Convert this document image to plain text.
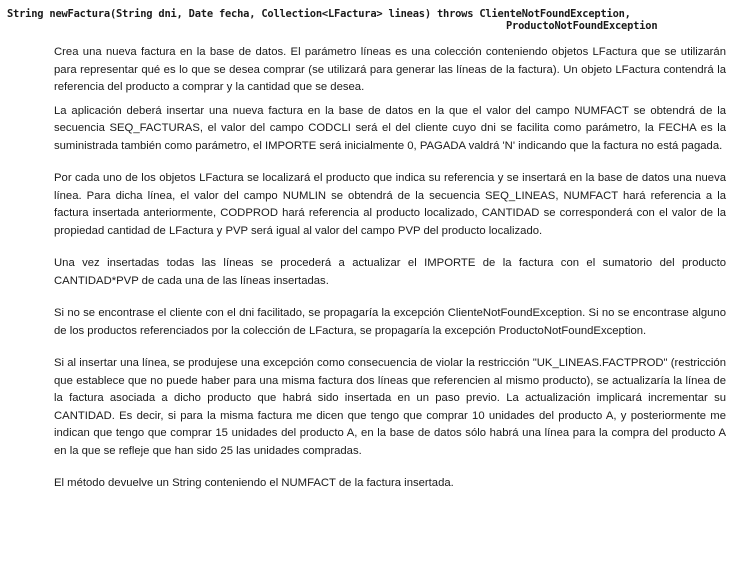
String newFactura(String dni, Date fecha, Collection<LFactura> lineas) throws ClienteNotFoundException,

ProductoNotFoundException

Crea una nueva factura en la base de datos. El parámetro líneas es una colección conteniendo objetos LFactura que se utilizarán para representar qué es lo que se desea comprar (se utilizará para generar las líneas de la factura). Un objeto LFactura contendrá la referencia del producto a comprar y la cantidad que se desea.

La aplicación deberá insertar una nueva factura en la base de datos en la que el valor del campo NUMFACT se obtendrá de la secuencia SEQ_FACTURAS, el valor del campo CODCLI será el del cliente cuyo dni se facilita como parámetro, la FECHA es la suministrada también como parámetro, el IMPORTE será inicialmente 0, PAGADA valdrá 'N' indicando que la factura no está pagada.

Por cada uno de los objetos LFactura se localizará el producto que indica su referencia y se insertará en la base de datos una nueva línea. Para dicha línea, el valor del campo NUMLIN se obtendrá de la secuencia SEQ_LINEAS, NUMFACT hará referencia a la factura insertada anteriormente, CODPROD hará referencia al producto localizado, CANTIDAD se corresponderá con el valor de la propiedad cantidad de LFactura y PVP será igual al valor del campo PVP del producto localizado.

Una vez insertadas todas las líneas se procederá a actualizar el IMPORTE de la factura con el sumatorio del producto CANTIDAD*PVP de cada una de las líneas insertadas.

Si no se encontrase el cliente con el dni facilitado, se propagaría la excepción ClienteNotFoundException. Si no se encontrase alguno de los productos referenciados por la colección de LFactura, se propagaría la excepción ProductoNotFoundException.

Si al insertar una línea, se produjese una excepción como consecuencia de violar la restricción "UK_LINEAS.FACTPROD" (restricción que establece que no puede haber para una misma factura dos líneas que referencien al mismo producto), se actualizaría la línea de la factura asociada a dicho producto que habrá sido insertada en un paso previo. La actualización implicará incrementar su CANTIDAD. Es decir, si para la misma factura me dicen que tengo que comprar 10 unidades del producto A, y posteriormente me indican que tengo que comprar 15 unidades del producto A, en la base de datos sólo habrá una línea para la compra del producto A en la que se refleje que han sido 25 las unidades compradas.

El método devuelve un String conteniendo el NUMFACT de la factura insertada.
